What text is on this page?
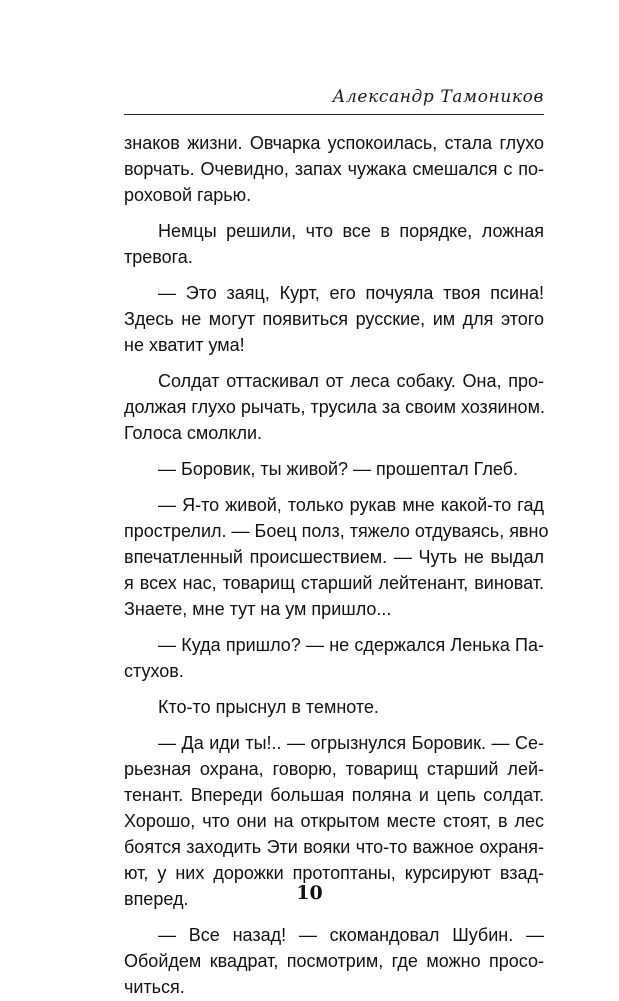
Александр Тамоников
знаков жизни. Овчарка успокоилась, стала глухо
ворчать. Очевидно, запах чужака смешался с по-
роховой гарью.
Немцы решили, что все в порядке, ложная
тревога.
— Это заяц, Курт, его почуяла твоя псина!
Здесь не могут появиться русские, им для этого
не хватит ума!
Солдат оттаскивал от леса собаку. Она, про-
должая глухо рычать, трусила за своим хозяином.
Голоса смолкли.
— Боровик, ты живой? — прошептал Глеб.
— Я-то живой, только рукав мне какой-то гад
прострелил. — Боец полз, тяжело отдуваясь, явно
впечатленный происшествием. — Чуть не выдал
я всех нас, товарищ старший лейтенант, виноват.
Знаете, мне тут на ум пришло...
— Куда пришло? — не сдержался Ленька Па-
стухов.
Кто-то прыснул в темноте.
— Да иди ты!.. — огрызнулся Боровик. — Се-
рьезная охрана, говорю, товарищ старший лей-
тенант. Впереди большая поляна и цепь солдат.
Хорошо, что они на открытом месте стоят, в лес
боятся заходить Эти вояки что-то важное охраня-
ют, у них дорожки протоптаны, курсируют взад-
вперед.
— Все назад! — скомандовал Шубин. —
Обойдем квадрат, посмотрим, где можно просо-
читься.
10
